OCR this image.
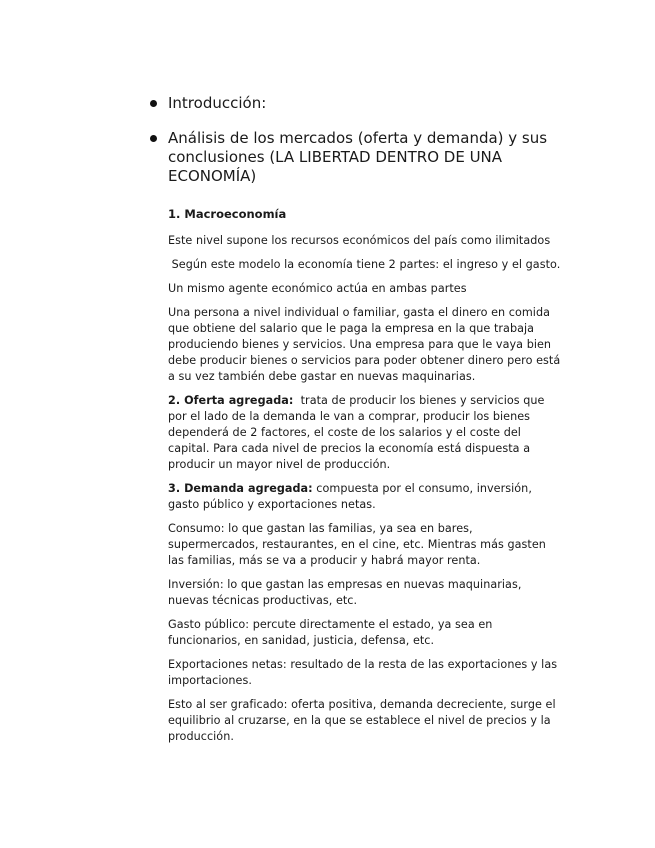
Introducción:
Análisis de los mercados (oferta y demanda) y sus conclusiones (LA LIBERTAD DENTRO DE UNA ECONOMÍA)
1. Macroeconomía

Este nivel supone los recursos económicos del país como ilimitados

Según este modelo la economía tiene 2 partes: el ingreso y el gasto.

Un mismo agente económico actúa en ambas partes

Una persona a nivel individual o familiar, gasta el dinero en comida que obtiene del salario que le paga la empresa en la que trabaja produciendo bienes y servicios. Una empresa para que le vaya bien debe producir bienes o servicios para poder obtener dinero pero está a su vez también debe gastar en nuevas maquinarias.

2. Oferta agregada:  trata de producir los bienes y servicios que por el lado de la demanda le van a comprar, producir los bienes dependerá de 2 factores, el coste de los salarios y el coste del capital. Para cada nivel de precios la economía está dispuesta a producir un mayor nivel de producción.

3. Demanda agregada: compuesta por el consumo, inversión, gasto público y exportaciones netas.

Consumo: lo que gastan las familias, ya sea en bares, supermercados, restaurantes, en el cine, etc. Mientras más gasten las familias, más se va a producir y habrá mayor renta.

Inversión: lo que gastan las empresas en nuevas maquinarias, nuevas técnicas productivas, etc.

Gasto público: percute directamente el estado, ya sea en funcionarios, en sanidad, justicia, defensa, etc.

Exportaciones netas: resultado de la resta de las exportaciones y las importaciones.

Esto al ser graficado: oferta positiva, demanda decreciente, surge el equilibrio al cruzarse, en la que se establece el nivel de precios y la producción.
